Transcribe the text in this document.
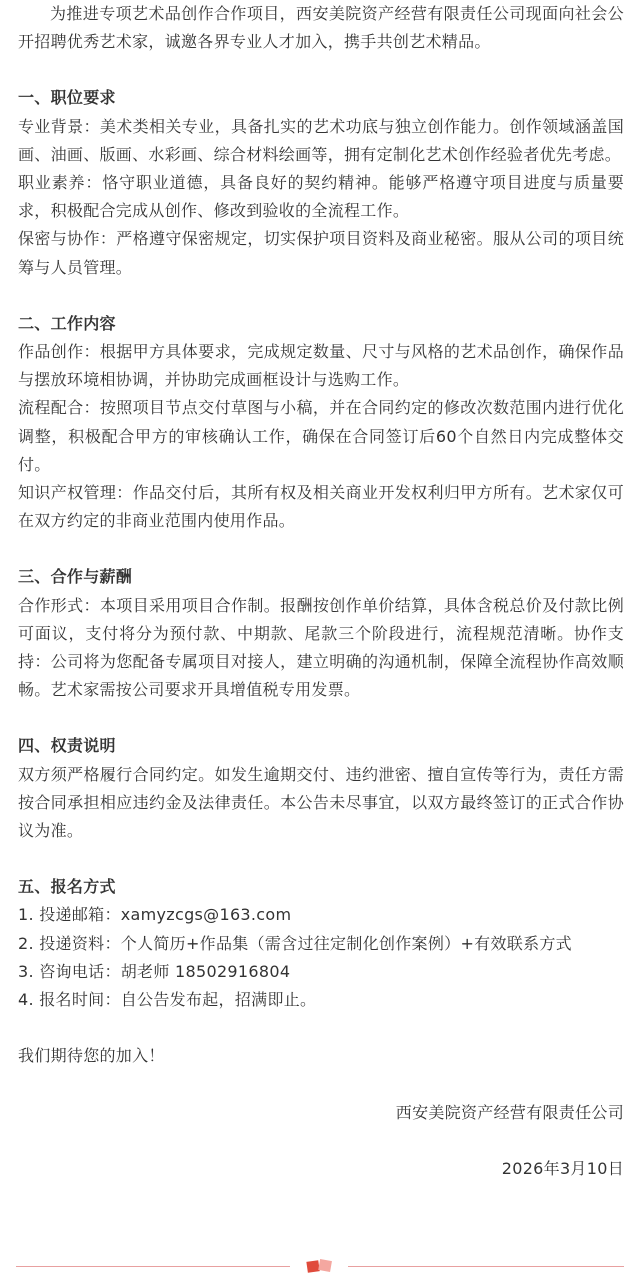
为推进专项艺术品创作合作项目，西安美院资产经营有限责任公司现面向社会公开招聘优秀艺术家，诚邀各界专业人才加入，携手共创艺术精品。

一、职位要求

专业背景：美术类相关专业，具备扎实的艺术功底与独立创作能力。创作领域涵盖国画、油画、版画、水彩画、综合材料绘画等，拥有定制化艺术创作经验者优先考虑。

职业素养：恪守职业道德，具备良好的契约精神。能够严格遵守项目进度与质量要求，积极配合完成从创作、修改到验收的全流程工作。

保密与协作：严格遵守保密规定，切实保护项目资料及商业秘密。服从公司的项目统筹与人员管理。

二、工作内容

作品创作：根据甲方具体要求，完成规定数量、尺寸与风格的艺术品创作，确保作品与摆放环境相协调，并协助完成画框设计与选购工作。

流程配合：按照项目节点交付草图与小稿，并在合同约定的修改次数范围内进行优化调整，积极配合甲方的审核确认工作，确保在合同签订后60个自然日内完成整体交付。

知识产权管理：作品交付后，其所有权及相关商业开发权利归甲方所有。艺术家仅可在双方约定的非商业范围内使用作品。

三、合作与薪酬

合作形式：本项目采用项目合作制。报酬按创作单价结算，具体含税总价及付款比例可面议，支付将分为预付款、中期款、尾款三个阶段进行，流程规范清晰。协作支持：公司将为您配备专属项目对接人，建立明确的沟通机制，保障全流程协作高效顺畅。艺术家需按公司要求开具增值税专用发票。

四、权责说明

双方须严格履行合同约定。如发生逾期交付、违约泄密、擅自宣传等行为，责任方需按合同承担相应违约金及法律责任。本公告未尽事宜，以双方最终签订的正式合作协议为准。

五、报名方式

1. 投递邮箱：xamyzcgs@163.com

2. 投递资料：个人简历+作品集（需含过往定制化创作案例）+有效联系方式

3. 咨询电话：胡老师 18502916804

4. 报名时间：自公告发布起，招满即止。

我们期待您的加入！

西安美院资产经营有限责任公司

2026年3月10日
